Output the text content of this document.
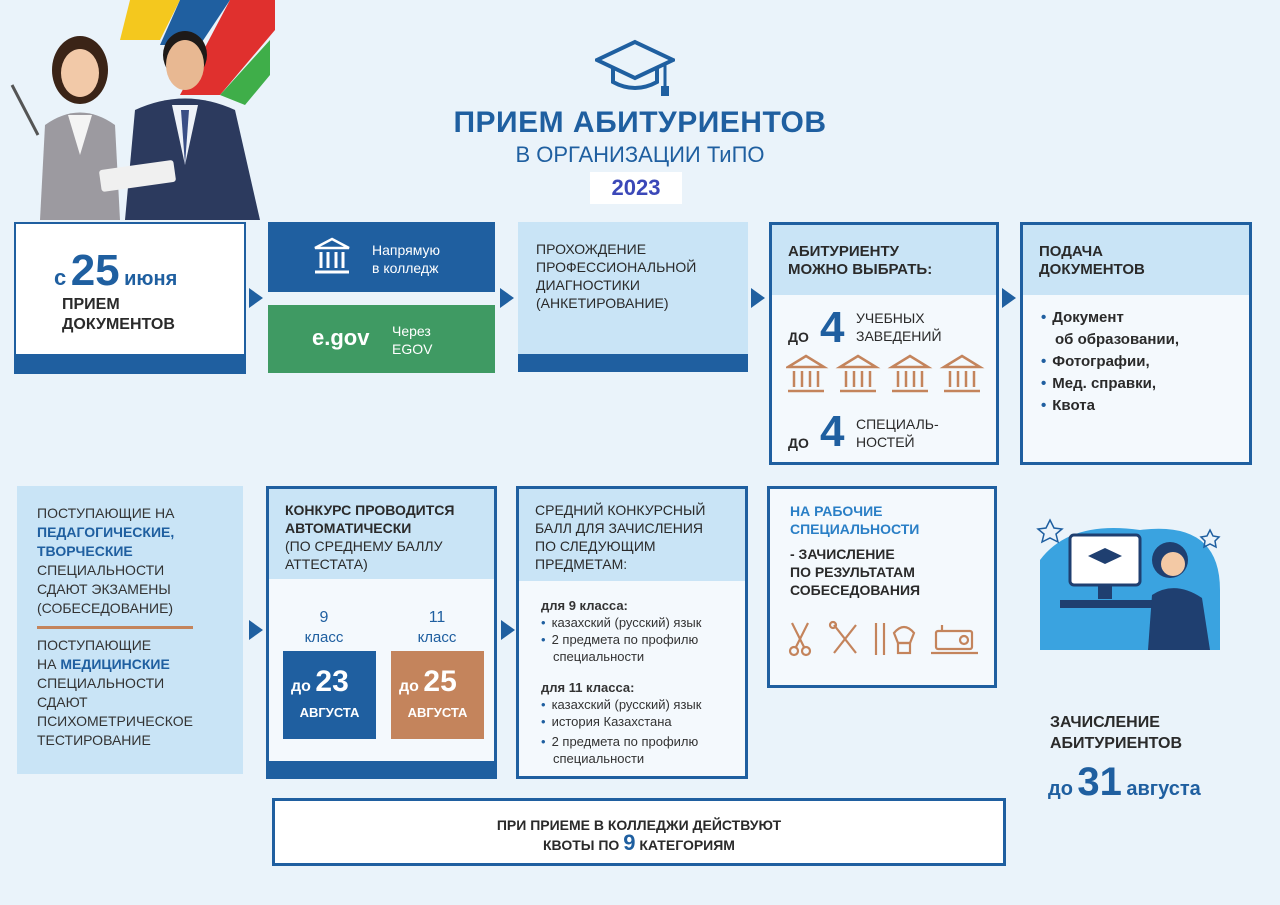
ПРИЕМ АБИТУРИЕНТОВ
В ОРГАНИЗАЦИИ ТиПО
2023
с 25 июня
ПРИЕМ
ДОКУМЕНТОВ
Напрямую
в колледж
e.gov Через
EGOV
ПРОХОЖДЕНИЕ
ПРОФЕССИОНАЛЬНОЙ
ДИАГНОСТИКИ
(АНКЕТИРОВАНИЕ)
АБИТУРИЕНТУ
МОЖНО ВЫБРАТЬ:
ДО 4 УЧЕБНЫХ
ЗАВЕДЕНИЙ
ДО 4 СПЕЦИАЛЬ-
НОСТЕЙ
ПОДАЧА
ДОКУМЕНТОВ
• Документ
об образовании,
• Фотографии,
• Мед. справки,
• Квота
ПОСТУПАЮЩИЕ НА
ПЕДАГОГИЧЕСКИЕ,
ТВОРЧЕСКИЕ
СПЕЦИАЛЬНОСТИ
СДАЮТ ЭКЗАМЕНЫ
(СОБЕСЕДОВАНИЕ)
ПОСТУПАЮЩИЕ
НА МЕДИЦИНСКИЕ
СПЕЦИАЛЬНОСТИ
СДАЮТ
ПСИХОМЕТРИЧЕСКОЕ
ТЕСТИРОВАНИЕ
КОНКУРС ПРОВОДИТСЯ
АВТОМАТИЧЕСКИ
(ПО СРЕДНЕМУ БАЛЛУ
АТТЕСТАТА)
9
класс
до 23
АВГУСТА
11
класс
до 25
АВГУСТА
СРЕДНИЙ КОНКУРСНЫЙ
БАЛЛ ДЛЯ ЗАЧИСЛЕНИЯ
ПО СЛЕДУЮЩИМ
ПРЕДМЕТАМ:
для 9 класса:
• казахский (русский) язык
• 2 предмета по профилю
специальности
для 11 класса:
• казахский (русский) язык
• история Казахстана
• 2 предмета по профилю
специальности
НА РАБОЧИЕ
СПЕЦИАЛЬНОСТИ
- ЗАЧИСЛЕНИЕ
ПО РЕЗУЛЬТАТАМ
СОБЕСЕДОВАНИЯ
ЗАЧИСЛЕНИЕ
АБИТУРИЕНТОВ
до 31 августа
ПРИ ПРИЕМЕ В КОЛЛЕДЖИ ДЕЙСТВУЮТ
КВОТЫ ПО 9 КАТЕГОРИЯМ
